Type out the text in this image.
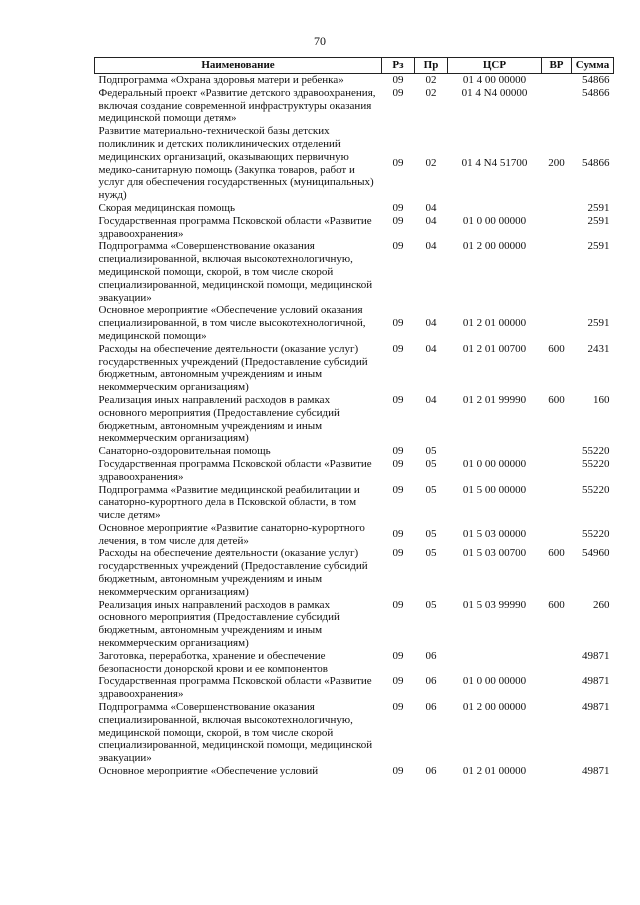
70
Наименование	Рз	Пр	ЦСР	ВР	Сумма
Подпрограмма «Охрана здоровья матери и ребенка»	09	02	01 4 00 00000		54866
Федеральный проект «Развитие детского здравоохранения, включая создание современной инфраструктуры оказания медицинской помощи детям»	09	02	01 4 N4 00000		54866
Развитие материально-технической базы детских поликлиник и детских поликлинических отделений медицинских организаций, оказывающих первичную медико-санитарную помощь (Закупка товаров, работ и услуг для обеспечения государственных (муниципальных) нужд)	09	02	01 4 N4 51700	200	54866
Скорая медицинская помощь	09	04			2591
Государственная программа Псковской области «Развитие здравоохранения»	09	04	01 0 00 00000		2591
Подпрограмма «Совершенствование оказания специализированной, включая высокотехнологичную, медицинской помощи, скорой, в том числе скорой специализированной, медицинской помощи, медицинской эвакуации»	09	04	01 2 00 00000		2591
Основное мероприятие «Обеспечение условий оказания специализированной, в том числе высокотехнологичной, медицинской помощи»	09	04	01 2 01 00000		2591
Расходы на обеспечение деятельности (оказание услуг) государственных учреждений (Предоставление субсидий бюджетным, автономным учреждениям и иным некоммерческим организациям)	09	04	01 2 01 00700	600	2431
Реализация иных направлений расходов в рамках основного мероприятия (Предоставление субсидий бюджетным, автономным учреждениям и иным некоммерческим организациям)	09	04	01 2 01 99990	600	160
Санаторно-оздоровительная помощь	09	05			55220
Государственная программа Псковской области «Развитие здравоохранения»	09	05	01 0 00 00000		55220
Подпрограмма «Развитие медицинской реабилитации и санаторно-курортного дела в Псковской области, в том числе детям»	09	05	01 5 00 00000		55220
Основное мероприятие «Развитие санаторно-курортного лечения, в том числе для детей»	09	05	01 5 03 00000		55220
Расходы на обеспечение деятельности (оказание услуг) государственных учреждений (Предоставление субсидий бюджетным, автономным учреждениям и иным некоммерческим организациям)	09	05	01 5 03 00700	600	54960
Реализация иных направлений расходов в рамках основного мероприятия (Предоставление субсидий бюджетным, автономным учреждениям и иным некоммерческим организациям)	09	05	01 5 03 99990	600	260
Заготовка, переработка, хранение и обеспечение безопасности донорской крови и ее компонентов	09	06			49871
Государственная программа Псковской области «Развитие здравоохранения»	09	06	01 0 00 00000		49871
Подпрограмма «Совершенствование оказания специализированной, включая высокотехнологичную, медицинской помощи, скорой, в том числе скорой специализированной, медицинской помощи, медицинской эвакуации»	09	06	01 2 00 00000		49871
Основное мероприятие «Обеспечение условий	09	06	01 2 01 00000		49871
